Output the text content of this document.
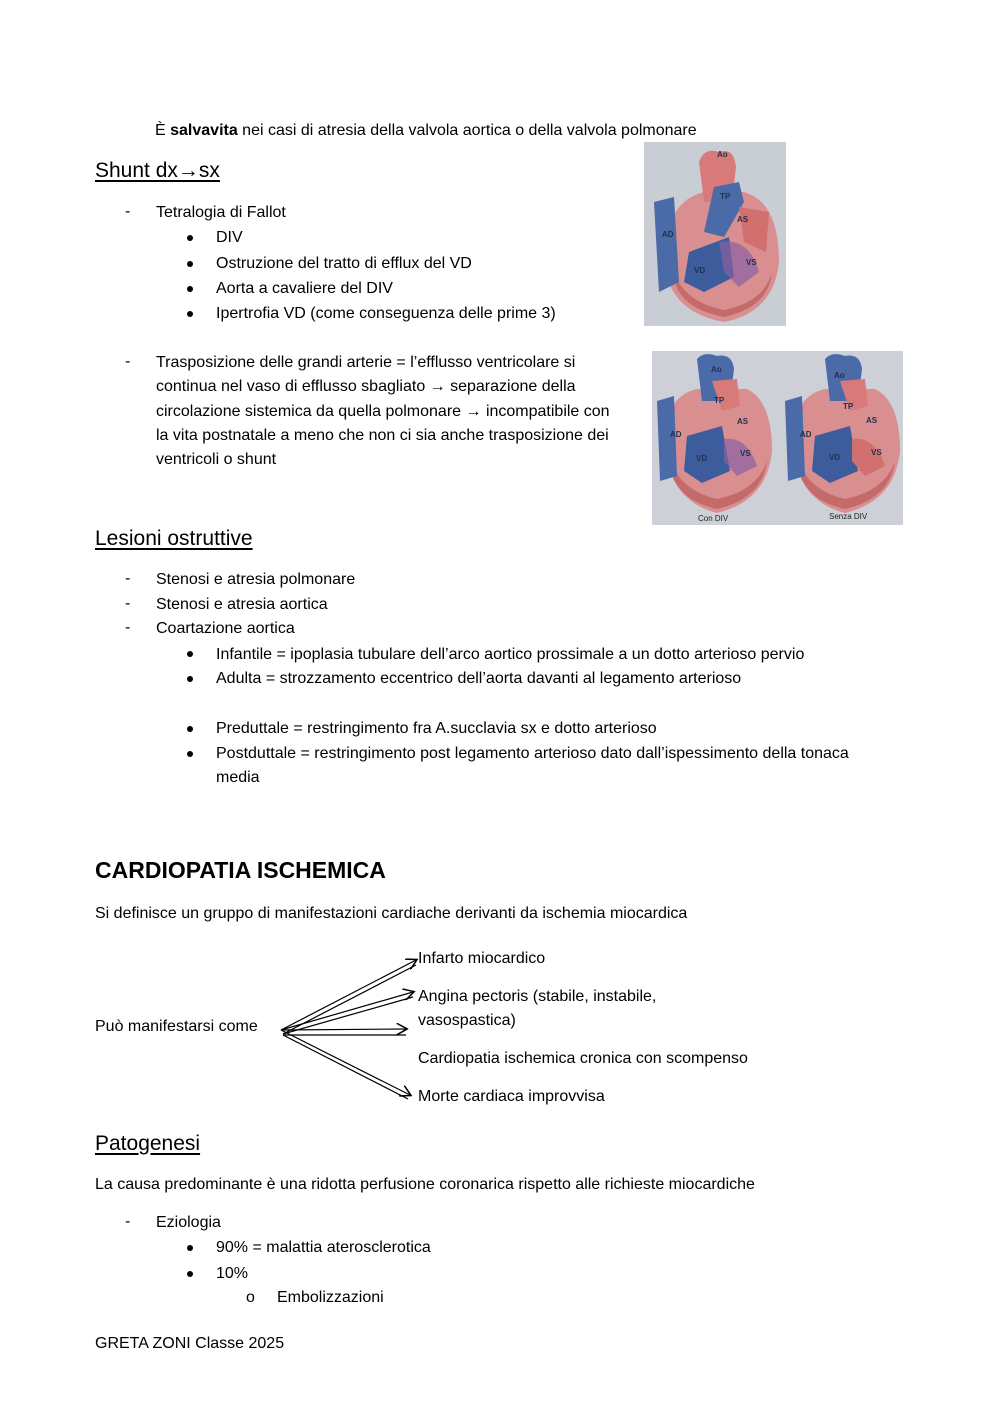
È salvavita nei casi di atresia della valvola aortica o della valvola polmonare
Shunt dx→sx
- Tetralogia di Fallot
DIV
Ostruzione del tratto di efflux del VD
Aorta a cavaliere del DIV
Ipertrofia VD (come conseguenza delle prime 3)
Ao
TP
AS
AD
VD
VS
- Trasposizione delle grandi arterie = l’efflusso ventricolare si
continua nel vaso di efflusso sbagliato → separazione della
circolazione sistemica da quella polmonare → incompatibile con
la vita postnatale a meno che non ci sia anche trasposizione dei
ventricoli o shunt
Ao
TP
AS
AD
VD
VS
Ao
TP
AS
AD
VD
VS
Con DIV	Senza DIV
Lesioni ostruttive
- Stenosi e atresia polmonare
- Stenosi e atresia aortica
- Coartazione aortica
Infantile = ipoplasia tubulare dell’arco aortico prossimale a un dotto arterioso pervio
Adulta = strozzamento eccentrico dell’aorta davanti al legamento arterioso
Preduttale = restringimento fra A.succlavia sx e dotto arterioso
Postduttale = restringimento post legamento arterioso dato dall’ispessimento della tonaca
media
CARDIOPATIA ISCHEMICA
Si definisce un gruppo di manifestazioni cardiache derivanti da ischemia miocardica
Può manifestarsi come
Infarto miocardico
Angina pectoris (stabile, instabile,
vasospastica)
Cardiopatia ischemica cronica con scompenso
Morte cardiaca improvvisa
Patogenesi
La causa predominante è una ridotta perfusione coronarica rispetto alle richieste miocardiche
- Eziologia
90% = malattia aterosclerotica
10%
o Embolizzazioni
GRETA ZONI Classe 2025
